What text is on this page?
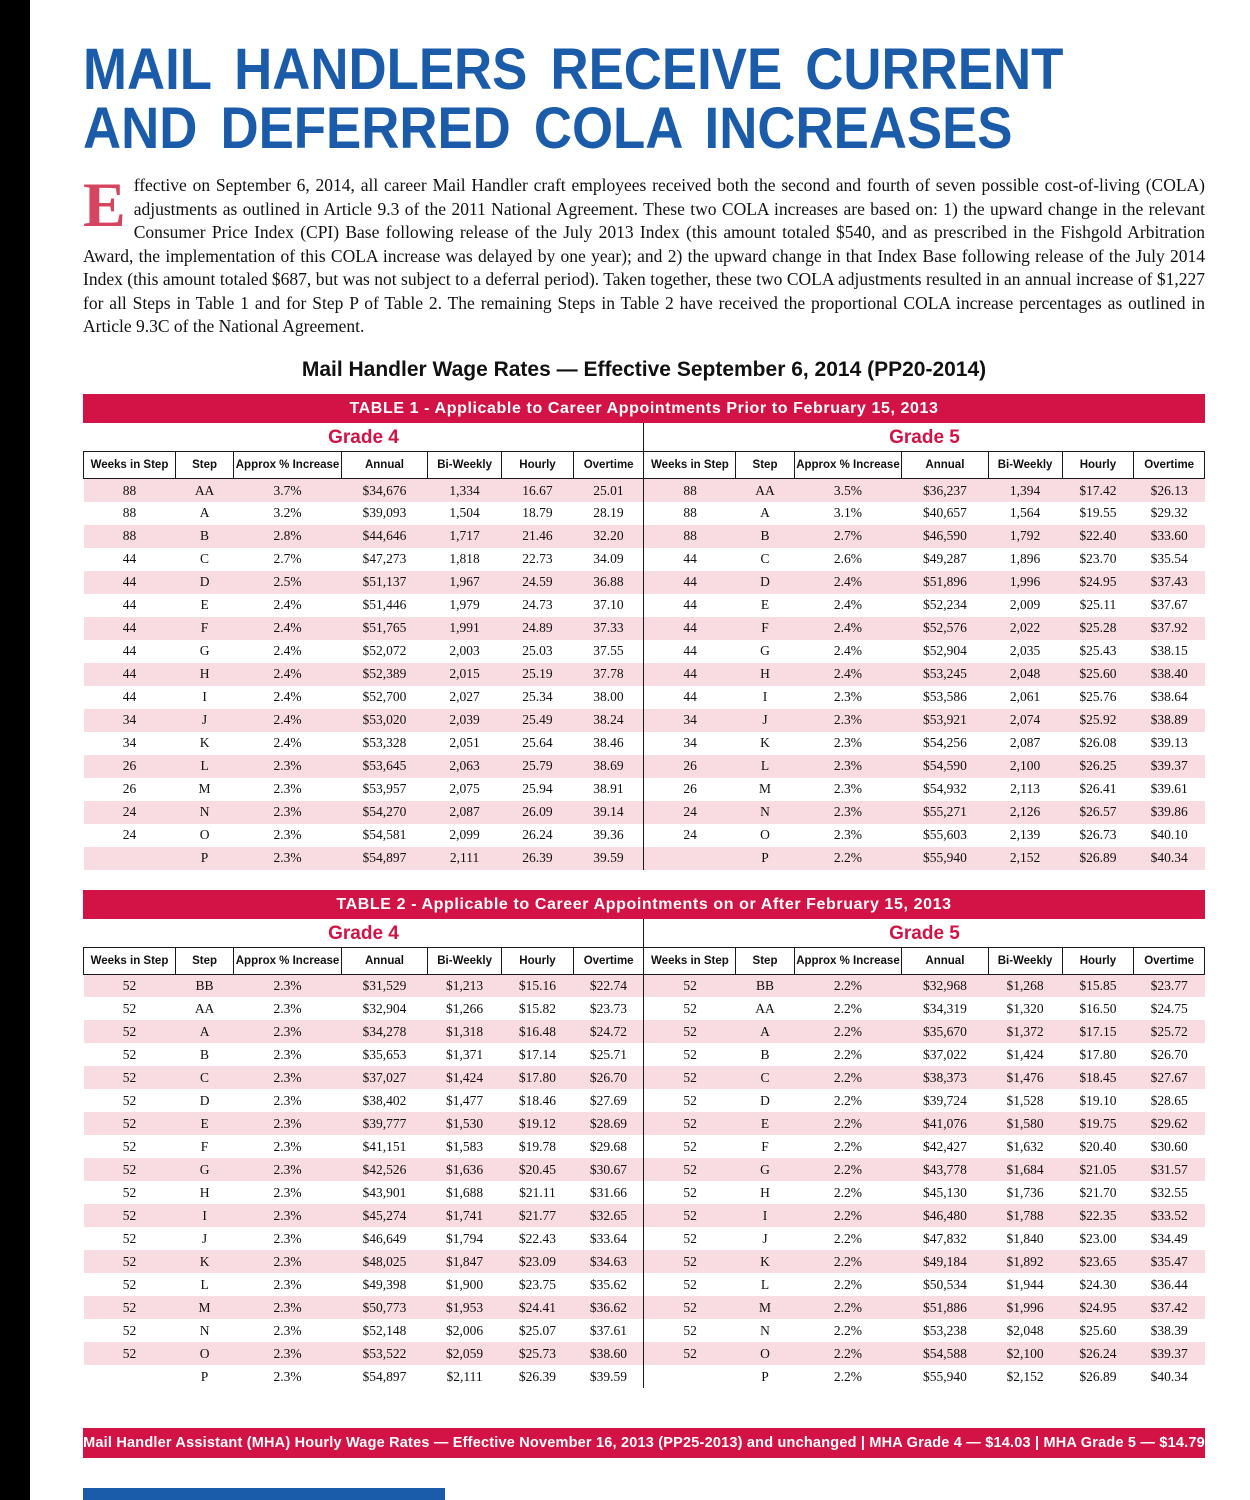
MAIL HANDLERS RECEIVE CURRENT
AND DEFERRED COLA INCREASES
Effective on September 6, 2014, all career Mail Handler craft employees received both the second and fourth of seven possible cost-of-living (COLA) adjustments as outlined in Article 9.3 of the 2011 National Agreement. These two COLA increases are based on: 1) the upward change in the relevant Consumer Price Index (CPI) Base following release of the July 2013 Index (this amount totaled $540, and as prescribed in the Fishgold Arbitration Award, the implementation of this COLA increase was delayed by one year); and 2) the upward change in that Index Base following release of the July 2014 Index (this amount totaled $687, but was not subject to a deferral period). Taken together, these two COLA adjustments resulted in an annual increase of $1,227 for all Steps in Table 1 and for Step P of Table 2. The remaining Steps in Table 2 have received the proportional COLA increase percentages as outlined in Article 9.3C of the National Agreement.
Mail Handler Wage Rates — Effective September 6, 2014 (PP20-2014)
TABLE 1 - Applicable to Career Appointments Prior to February 15, 2013
Grade 4							Grade 5						
Weeks in Step	Step	Approx % Increase	Annual	Bi-Weekly	Hourly	Overtime	Weeks in Step	Step	Approx % Increase	Annual	Bi-Weekly	Hourly	Overtime
88	AA	3.7%	$34,676	1,334	16.67	25.01	88	AA	3.5%	$36,237	1,394	$17.42	$26.13
88	A	3.2%	$39,093	1,504	18.79	28.19	88	A	3.1%	$40,657	1,564	$19.55	$29.32
88	B	2.8%	$44,646	1,717	21.46	32.20	88	B	2.7%	$46,590	1,792	$22.40	$33.60
44	C	2.7%	$47,273	1,818	22.73	34.09	44	C	2.6%	$49,287	1,896	$23.70	$35.54
44	D	2.5%	$51,137	1,967	24.59	36.88	44	D	2.4%	$51,896	1,996	$24.95	$37.43
44	E	2.4%	$51,446	1,979	24.73	37.10	44	E	2.4%	$52,234	2,009	$25.11	$37.67
44	F	2.4%	$51,765	1,991	24.89	37.33	44	F	2.4%	$52,576	2,022	$25.28	$37.92
44	G	2.4%	$52,072	2,003	25.03	37.55	44	G	2.4%	$52,904	2,035	$25.43	$38.15
44	H	2.4%	$52,389	2,015	25.19	37.78	44	H	2.4%	$53,245	2,048	$25.60	$38.40
44	I	2.4%	$52,700	2,027	25.34	38.00	44	I	2.3%	$53,586	2,061	$25.76	$38.64
34	J	2.4%	$53,020	2,039	25.49	38.24	34	J	2.3%	$53,921	2,074	$25.92	$38.89
34	K	2.4%	$53,328	2,051	25.64	38.46	34	K	2.3%	$54,256	2,087	$26.08	$39.13
26	L	2.3%	$53,645	2,063	25.79	38.69	26	L	2.3%	$54,590	2,100	$26.25	$39.37
26	M	2.3%	$53,957	2,075	25.94	38.91	26	M	2.3%	$54,932	2,113	$26.41	$39.61
24	N	2.3%	$54,270	2,087	26.09	39.14	24	N	2.3%	$55,271	2,126	$26.57	$39.86
24	O	2.3%	$54,581	2,099	26.24	39.36	24	O	2.3%	$55,603	2,139	$26.73	$40.10
	P	2.3%	$54,897	2,111	26.39	39.59		P	2.2%	$55,940	2,152	$26.89	$40.34
TABLE 2 - Applicable to Career Appointments on or After February 15, 2013
Grade 4							Grade 5						
Weeks in Step	Step	Approx % Increase	Annual	Bi-Weekly	Hourly	Overtime	Weeks in Step	Step	Approx % Increase	Annual	Bi-Weekly	Hourly	Overtime
52	BB	2.3%	$31,529	$1,213	$15.16	$22.74	52	BB	2.2%	$32,968	$1,268	$15.85	$23.77
52	AA	2.3%	$32,904	$1,266	$15.82	$23.73	52	AA	2.2%	$34,319	$1,320	$16.50	$24.75
52	A	2.3%	$34,278	$1,318	$16.48	$24.72	52	A	2.2%	$35,670	$1,372	$17.15	$25.72
52	B	2.3%	$35,653	$1,371	$17.14	$25.71	52	B	2.2%	$37,022	$1,424	$17.80	$26.70
52	C	2.3%	$37,027	$1,424	$17.80	$26.70	52	C	2.2%	$38,373	$1,476	$18.45	$27.67
52	D	2.3%	$38,402	$1,477	$18.46	$27.69	52	D	2.2%	$39,724	$1,528	$19.10	$28.65
52	E	2.3%	$39,777	$1,530	$19.12	$28.69	52	E	2.2%	$41,076	$1,580	$19.75	$29.62
52	F	2.3%	$41,151	$1,583	$19.78	$29.68	52	F	2.2%	$42,427	$1,632	$20.40	$30.60
52	G	2.3%	$42,526	$1,636	$20.45	$30.67	52	G	2.2%	$43,778	$1,684	$21.05	$31.57
52	H	2.3%	$43,901	$1,688	$21.11	$31.66	52	H	2.2%	$45,130	$1,736	$21.70	$32.55
52	I	2.3%	$45,274	$1,741	$21.77	$32.65	52	I	2.2%	$46,480	$1,788	$22.35	$33.52
52	J	2.3%	$46,649	$1,794	$22.43	$33.64	52	J	2.2%	$47,832	$1,840	$23.00	$34.49
52	K	2.3%	$48,025	$1,847	$23.09	$34.63	52	K	2.2%	$49,184	$1,892	$23.65	$35.47
52	L	2.3%	$49,398	$1,900	$23.75	$35.62	52	L	2.2%	$50,534	$1,944	$24.30	$36.44
52	M	2.3%	$50,773	$1,953	$24.41	$36.62	52	M	2.2%	$51,886	$1,996	$24.95	$37.42
52	N	2.3%	$52,148	$2,006	$25.07	$37.61	52	N	2.2%	$53,238	$2,048	$25.60	$38.39
52	O	2.3%	$53,522	$2,059	$25.73	$38.60	52	O	2.2%	$54,588	$2,100	$26.24	$39.37
	P	2.3%	$54,897	$2,111	$26.39	$39.59		P	2.2%	$55,940	$2,152	$26.89	$40.34
Mail Handler Assistant (MHA) Hourly Wage Rates — Effective November 16, 2013 (PP25-2013) and unchanged | MHA Grade 4 — $14.03 | MHA Grade 5 — $14.79
